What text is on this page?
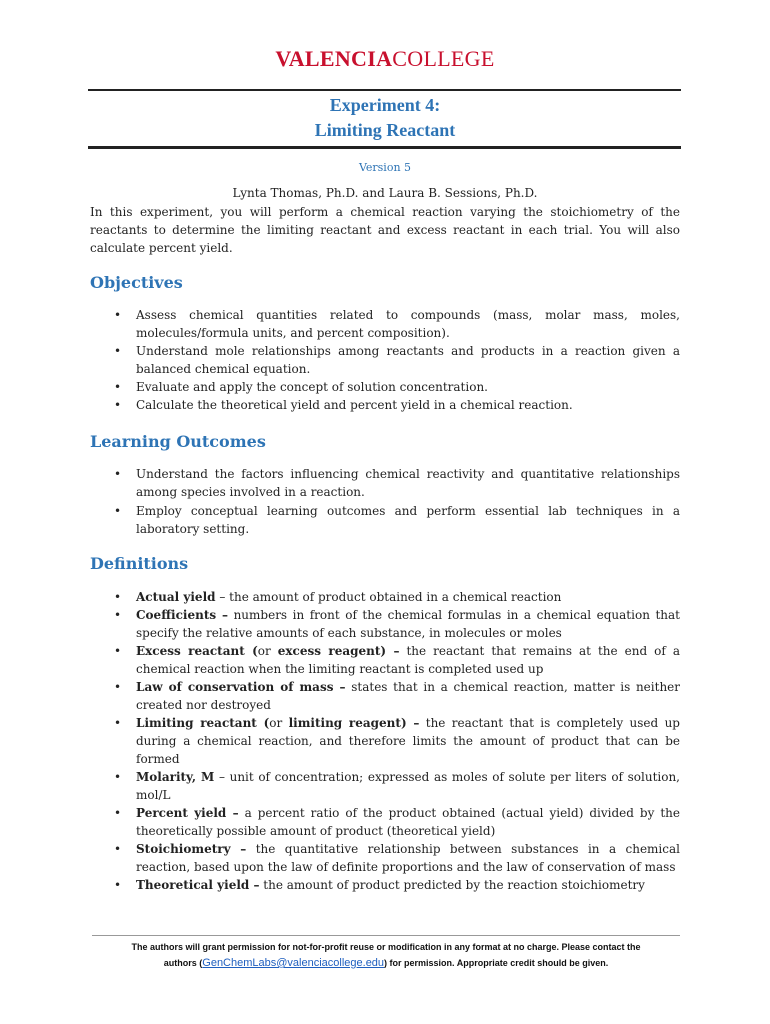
VALENCIACOLLEGE
Experiment 4:
Limiting Reactant
Version 5
Lynta Thomas, Ph.D. and Laura B. Sessions, Ph.D.
In this experiment, you will perform a chemical reaction varying the stoichiometry of the reactants to determine the limiting reactant and excess reactant in each trial. You will also calculate percent yield.
Objectives
• Assess chemical quantities related to compounds (mass, molar mass, moles, molecules/formula units, and percent composition).
• Understand mole relationships among reactants and products in a reaction given a balanced chemical equation.
• Evaluate and apply the concept of solution concentration.
• Calculate the theoretical yield and percent yield in a chemical reaction.
Learning Outcomes
• Understand the factors influencing chemical reactivity and quantitative relationships among species involved in a reaction.
• Employ conceptual learning outcomes and perform essential lab techniques in a laboratory setting.
Definitions
• Actual yield – the amount of product obtained in a chemical reaction
• Coefficients – numbers in front of the chemical formulas in a chemical equation that specify the relative amounts of each substance, in molecules or moles
• Excess reactant (or excess reagent) – the reactant that remains at the end of a chemical reaction when the limiting reactant is completed used up
• Law of conservation of mass – states that in a chemical reaction, matter is neither created nor destroyed
• Limiting reactant (or limiting reagent) – the reactant that is completely used up during a chemical reaction, and therefore limits the amount of product that can be formed
• Molarity, M – unit of concentration; expressed as moles of solute per liters of solution, mol/L
• Percent yield – a percent ratio of the product obtained (actual yield) divided by the theoretically possible amount of product (theoretical yield)
• Stoichiometry – the quantitative relationship between substances in a chemical reaction, based upon the law of definite proportions and the law of conservation of mass
• Theoretical yield – the amount of product predicted by the reaction stoichiometry
The authors will grant permission for not-for-profit reuse or modification in any format at no charge. Please contact the
authors (GenChemLabs@valenciacollege.edu) for permission. Appropriate credit should be given.
